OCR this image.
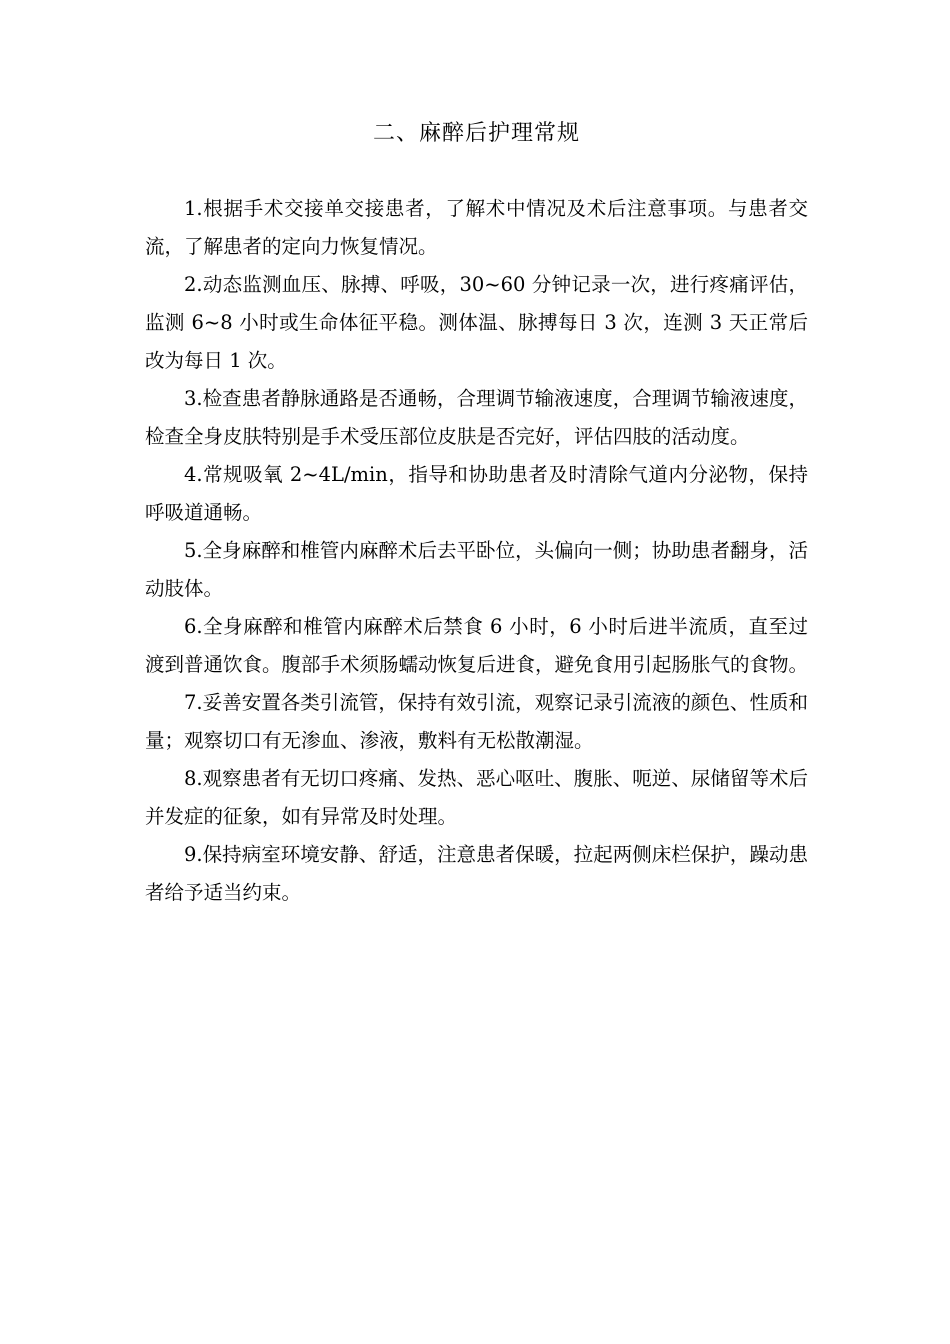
二、麻醉后护理常规

1.根据手术交接单交接患者，了解术中情况及术后注意事项。与患者交流，了解患者的定向力恢复情况。

2.动态监测血压、脉搏、呼吸，30~60 分钟记录一次，进行疼痛评估，监测 6~8 小时或生命体征平稳。测体温、脉搏每日 3 次，连测 3 天正常后改为每日 1 次。

3.检查患者静脉通路是否通畅，合理调节输液速度，合理调节输液速度，检查全身皮肤特别是手术受压部位皮肤是否完好，评估四肢的活动度。

4.常规吸氧 2~4L/min，指导和协助患者及时清除气道内分泌物，保持呼吸道通畅。

5.全身麻醉和椎管内麻醉术后去平卧位，头偏向一侧；协助患者翻身，活动肢体。

6.全身麻醉和椎管内麻醉术后禁食 6 小时，6 小时后进半流质，直至过渡到普通饮食。腹部手术须肠蠕动恢复后进食，避免食用引起肠胀气的食物。

7.妥善安置各类引流管，保持有效引流，观察记录引流液的颜色、性质和量；观察切口有无渗血、渗液，敷料有无松散潮湿。

8.观察患者有无切口疼痛、发热、恶心呕吐、腹胀、呃逆、尿储留等术后并发症的征象，如有异常及时处理。

9.保持病室环境安静、舒适，注意患者保暖，拉起两侧床栏保护，躁动患者给予适当约束。
